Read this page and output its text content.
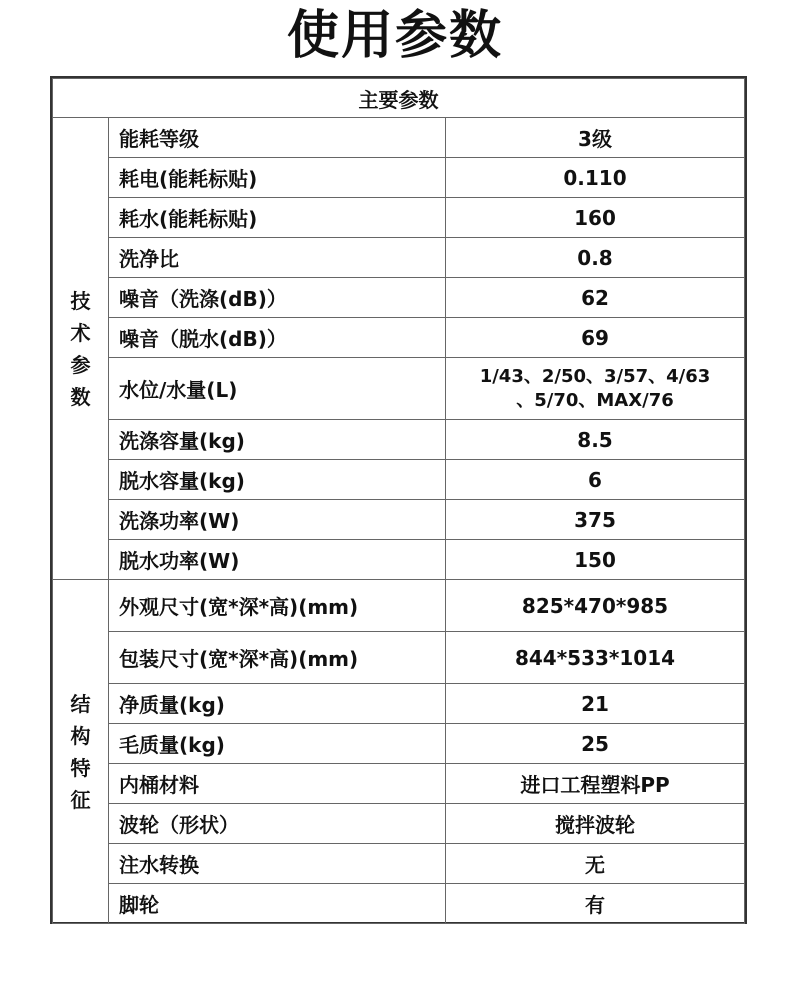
使用参数
主要参数		

技
术
参
数	能耗等级	3级
	耗电(能耗标贴)	0.110
	耗水(能耗标贴)	160
	洗净比	0.8
	噪音（洗涤(dB)）	62
	噪音（脱水(dB)）	69
	水位/水量(L)	1/43、2/50、3/57、4/63
、5/70、MAX/76

	洗涤容量(kg)	8.5
	脱水容量(kg)	6
	洗涤功率(W)	375
	脱水功率(W)	150

结
构
特
征	外观尺寸(宽*深*高)(mm)	825*470*985
	包装尺寸(宽*深*高)(mm)	844*533*1014
	净质量(kg)	21
	毛质量(kg)	25
	内桶材料	进口工程塑料PP
	波轮（形状）	搅拌波轮
	注水转换	无
	脚轮	有
